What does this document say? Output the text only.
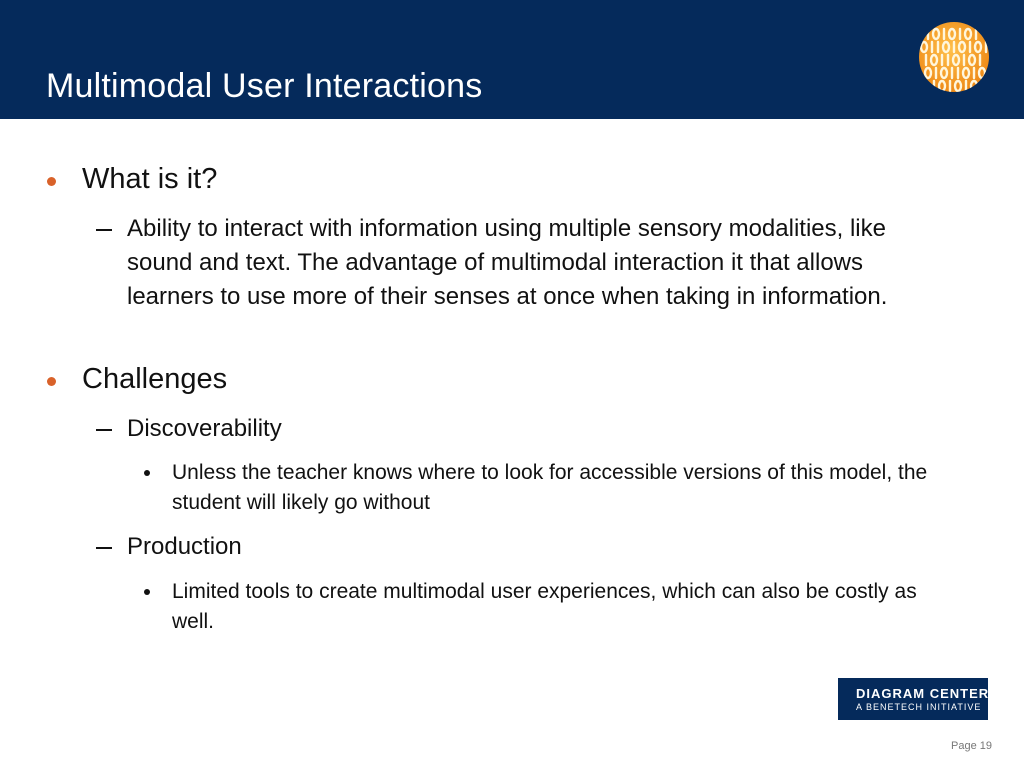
Multimodal User Interactions
What is it?
Ability to interact with information using multiple sensory modalities, like sound and text. The advantage of multimodal interaction it that allows learners to use more of their senses at once when taking in information.
Challenges
Discoverability
Unless the teacher knows where to look for accessible versions of this model, the student will likely go without
Production
Limited tools to create multimodal user experiences, which can also be costly as well.
DIAGRAM CENTER
A BENETECH INITIATIVE
Page 19
